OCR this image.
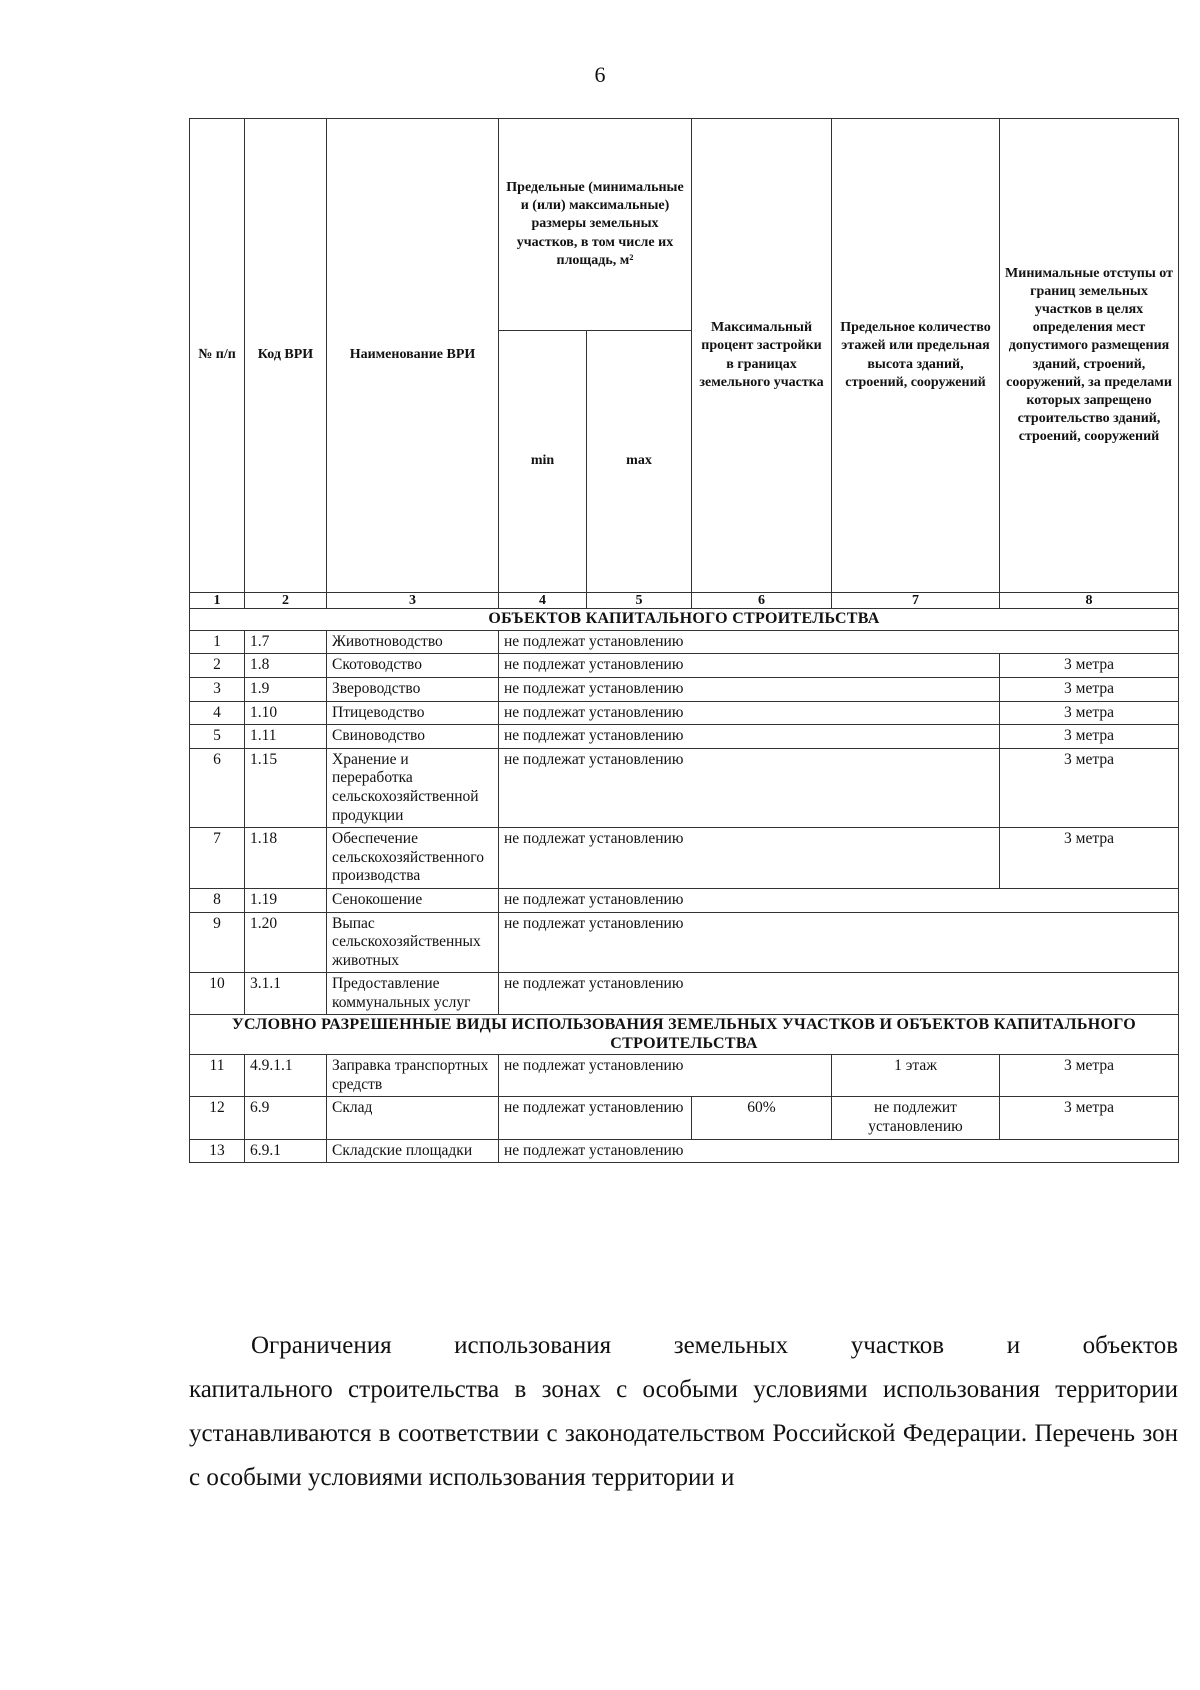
6
№ п/п	Код ВРИ	Наименование ВРИ	Предельные (минимальные и (или) максимальные) размеры земельных участков, в том числе их площадь, м²		Максимальный процент застройки в границах земельного участка	Предельное количество этажей или предельная высота зданий, строений, сооружений	Минимальные отступы от границ земельных участков в целях определения мест допустимого размещения зданий, строений, сооружений, за пределами которых запрещено строительство зданий, строений, сооружений
			min	max			
1	2	3	4	5	6	7	8
ОБЪЕКТОВ КАПИТАЛЬНОГО СТРОИТЕЛЬСТВА							
1	1.7	Животноводство	не подлежат установлению				
2	1.8	Скотоводство	не подлежат установлению				3 метра
3	1.9	Звероводство	не подлежат установлению				3 метра
4	1.10	Птицеводство	не подлежат установлению				3 метра
5	1.11	Свиноводство	не подлежат установлению				3 метра
6	1.15	Хранение и переработка сельскохозяйственной продукции	не подлежат установлению				3 метра
7	1.18	Обеспечение сельскохозяйственного производства	не подлежат установлению				3 метра
8	1.19	Сенокошение	не подлежат установлению				
9	1.20	Выпас сельскохозяйственных животных	не подлежат установлению				
10	3.1.1	Предоставление коммунальных услуг	не подлежат установлению				
УСЛОВНО РАЗРЕШЕННЫЕ ВИДЫ ИСПОЛЬЗОВАНИЯ ЗЕМЕЛЬНЫХ УЧАСТКОВ И ОБЪЕКТОВ КАПИТАЛЬНОГО СТРОИТЕЛЬСТВА							
11	4.9.1.1	Заправка транспортных средств	не подлежат установлению			1 этаж	3 метра
12	6.9	Склад	не подлежат установлению		60%	не подлежит установлению	3 метра
13	6.9.1	Складские площадки	не подлежат установлению				
Ограничения использования земельных участков и объектов
капитального строительства в зонах с особыми условиями использования территории устанавливаются в соответствии с законодательством Российской Федерации. Перечень зон с особыми условиями использования территории и
